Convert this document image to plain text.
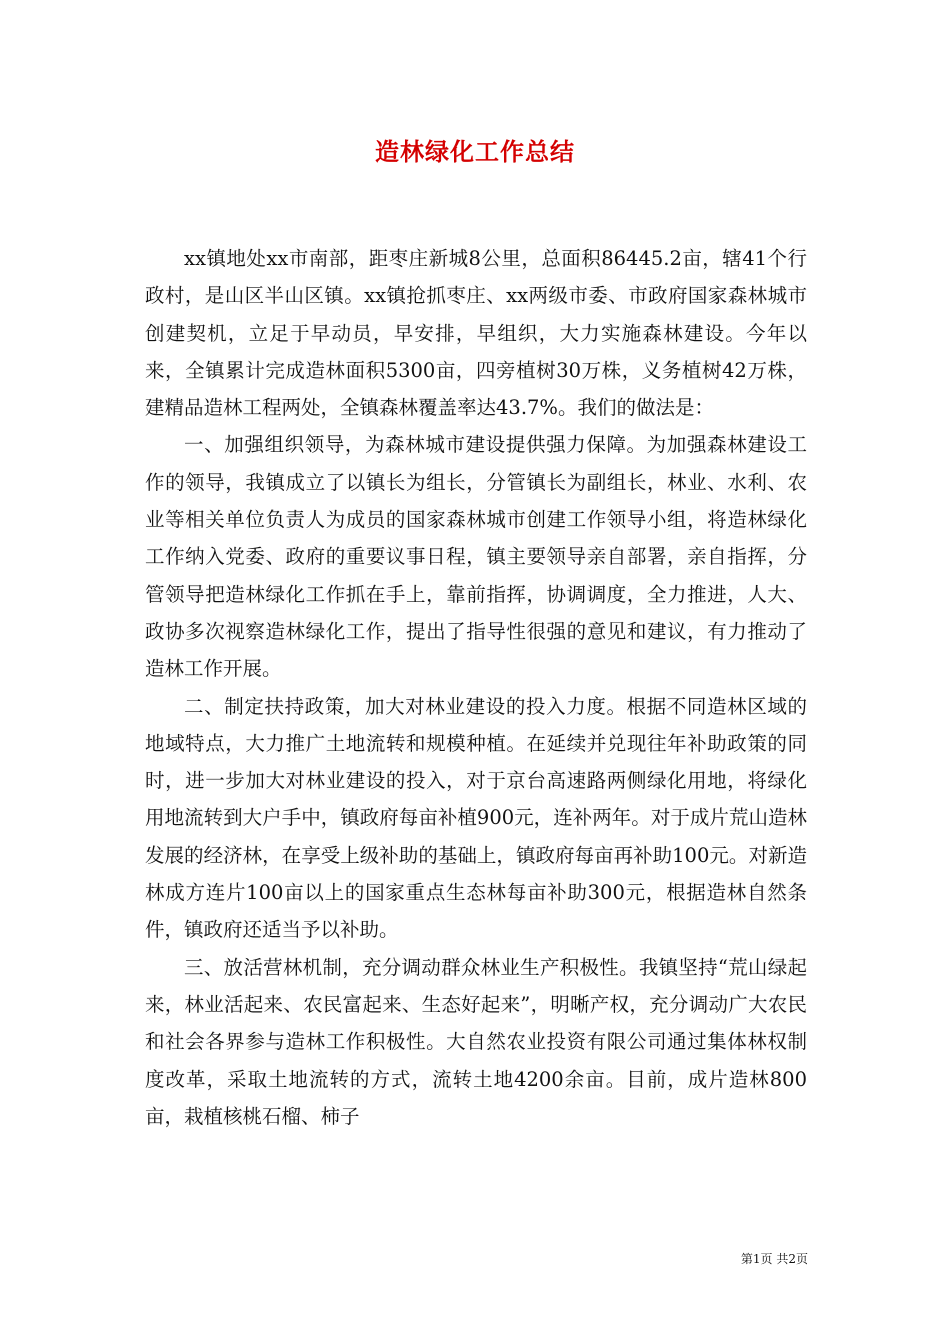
造林绿化工作总结

xx镇地处xx市南部，距枣庄新城8公里，总面积86445.2亩，辖41个行政村，是山区半山区镇。xx镇抢抓枣庄、xx两级市委、市政府国家森林城市创建契机，立足于早动员，早安排，早组织，大力实施森林建设。今年以来，全镇累计完成造林面积5300亩，四旁植树30万株，义务植树42万株，建精品造林工程两处，全镇森林覆盖率达43.7%。我们的做法是：

一、加强组织领导，为森林城市建设提供强力保障。为加强森林建设工作的领导，我镇成立了以镇长为组长，分管镇长为副组长，林业、水利、农业等相关单位负责人为成员的国家森林城市创建工作领导小组，将造林绿化工作纳入党委、政府的重要议事日程，镇主要领导亲自部署，亲自指挥，分管领导把造林绿化工作抓在手上，靠前指挥，协调调度，全力推进，人大、政协多次视察造林绿化工作，提出了指导性很强的意见和建议，有力推动了造林工作开展。

二、制定扶持政策，加大对林业建设的投入力度。根据不同造林区域的地域特点，大力推广土地流转和规模种植。在延续并兑现往年补助政策的同时，进一步加大对林业建设的投入，对于京台高速路两侧绿化用地，将绿化用地流转到大户手中，镇政府每亩补植900元，连补两年。对于成片荒山造林发展的经济林，在享受上级补助的基础上，镇政府每亩再补助100元。对新造林成方连片100亩以上的国家重点生态林每亩补助300元，根据造林自然条件，镇政府还适当予以补助。

三、放活营林机制，充分调动群众林业生产积极性。我镇坚持“荒山绿起来，林业活起来、农民富起来、生态好起来”，明晰产权，充分调动广大农民和社会各界参与造林工作积极性。大自然农业投资有限公司通过集体林权制度改革，采取土地流转的方式，流转土地4200余亩。目前，成片造林800亩，栽植核桃石榴、柿子

第1页 共2页
